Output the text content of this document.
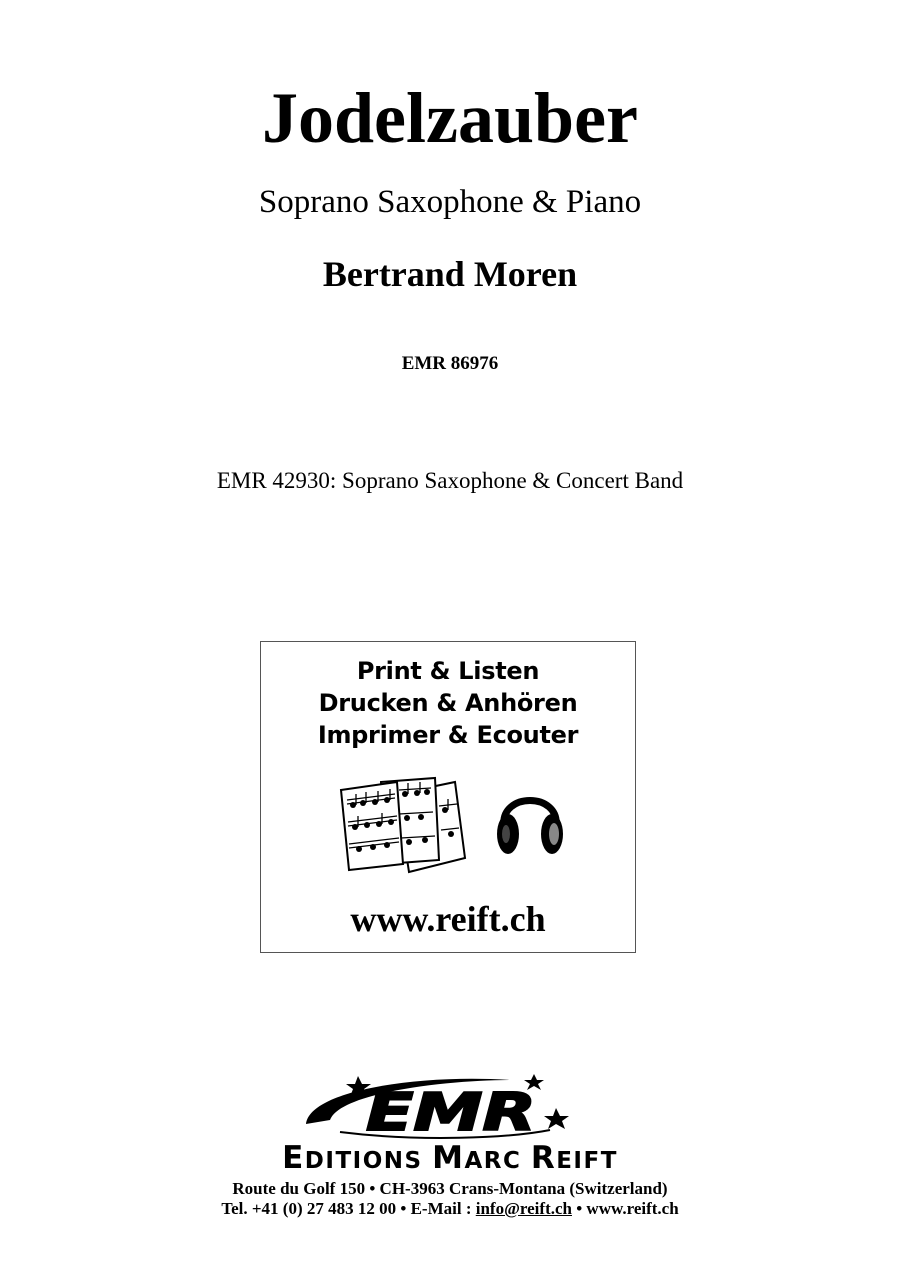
Jodelzauber
Soprano Saxophone & Piano
Bertrand Moren
EMR 86976
EMR 42930: Soprano Saxophone & Concert Band
Print & Listen
Drucken & Anhören
Imprimer & Ecouter
www.reift.ch
EMR
EDITIONS MARC REIFT
Route du Golf 150 • CH-3963 Crans-Montana (Switzerland)
Tel. +41 (0) 27 483 12 00 • E-Mail : info@reift.ch • www.reift.ch
